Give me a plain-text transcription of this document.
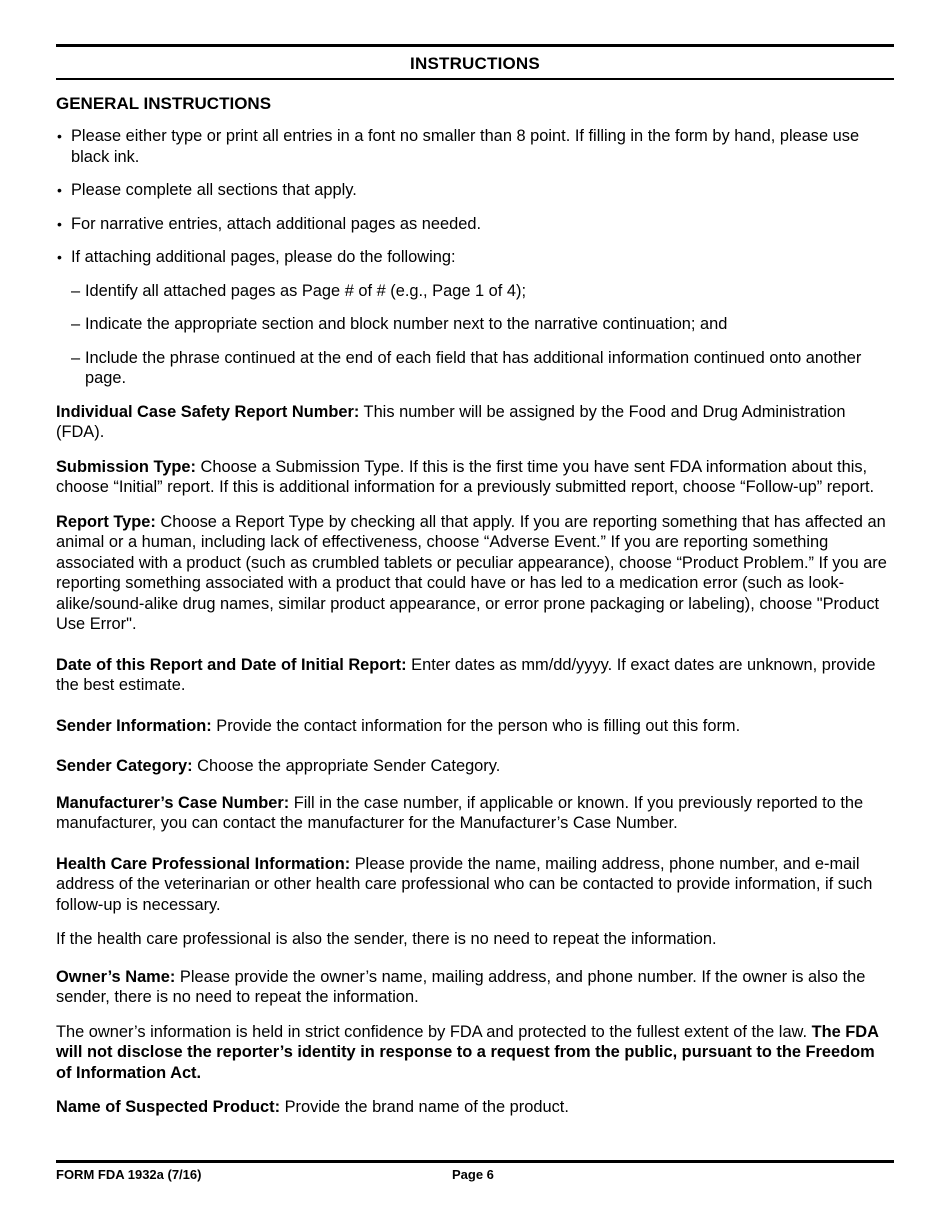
INSTRUCTIONS
GENERAL INSTRUCTIONS
• Please either type or print all entries in a font no smaller than 8 point. If filling in the form by hand, please use black ink.
• Please complete all sections that apply.
• For narrative entries, attach additional pages as needed.
• If attaching additional pages, please do the following:
– Identify all attached pages as Page # of # (e.g., Page 1 of 4);
– Indicate the appropriate section and block number next to the narrative continuation; and
– Include the phrase continued at the end of each field that has additional information continued onto another page.

Individual Case Safety Report Number: This number will be assigned by the Food and Drug Administration (FDA).

Submission Type: Choose a Submission Type. If this is the first time you have sent FDA information about this, choose “Initial” report. If this is additional information for a previously submitted report, choose “Follow-up” report.

Report Type: Choose a Report Type by checking all that apply. If you are reporting something that has affected an animal or a human, including lack of effectiveness, choose “Adverse Event.” If you are reporting something associated with a product (such as crumbled tablets or peculiar appearance), choose “Product Problem.” If you are reporting something associated with a product that could have or has led to a medication error (such as look-alike/sound-alike drug names, similar product appearance, or error prone packaging or labeling), choose "Product Use Error".

Date of this Report and Date of Initial Report: Enter dates as mm/dd/yyyy. If exact dates are unknown, provide the best estimate.

Sender Information: Provide the contact information for the person who is filling out this form.

Sender Category: Choose the appropriate Sender Category.

Manufacturer’s Case Number: Fill in the case number, if applicable or known. If you previously reported to the manufacturer, you can contact the manufacturer for the Manufacturer’s Case Number.

Health Care Professional Information: Please provide the name, mailing address, phone number, and e-mail address of the veterinarian or other health care professional who can be contacted to provide information, if such follow-up is necessary.

If the health care professional is also the sender, there is no need to repeat the information.

Owner’s Name: Please provide the owner’s name, mailing address, and phone number. If the owner is also the sender, there is no need to repeat the information.

The owner’s information is held in strict confidence by FDA and protected to the fullest extent of the law. The FDA will not disclose the reporter’s identity in response to a request from the public, pursuant to the Freedom of Information Act.

Name of Suspected Product: Provide the brand name of the product.

FORM FDA 1932a (7/16)	Page 6
